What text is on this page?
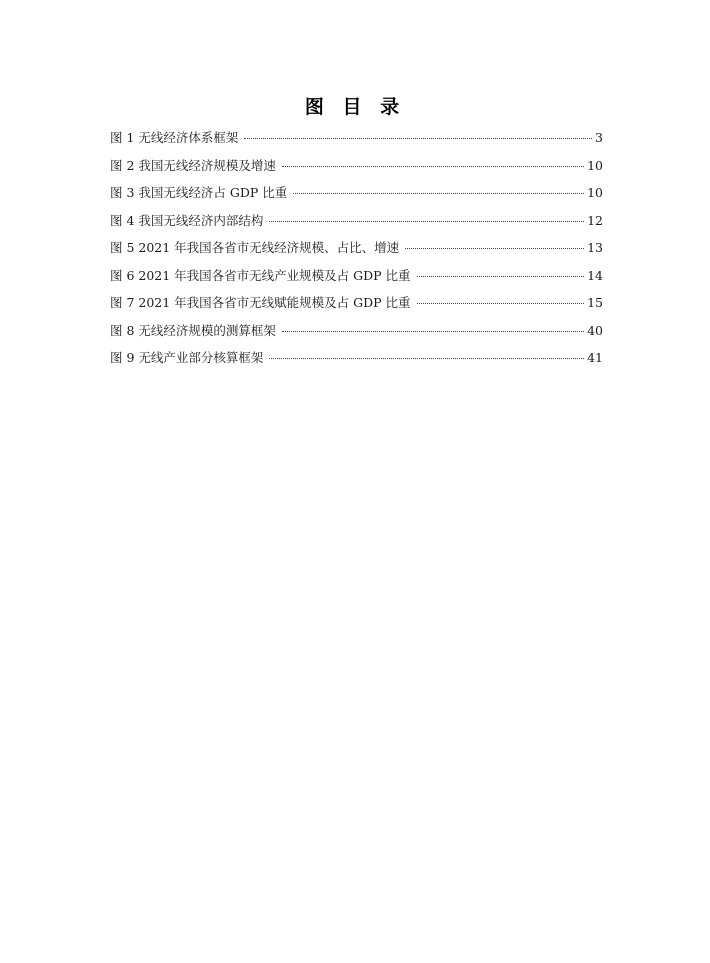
图 目 录
图 1 无线经济体系框架	3
图 2 我国无线经济规模及增速	10
图 3 我国无线经济占 GDP 比重	10
图 4 我国无线经济内部结构	12
图 5 2021 年我国各省市无线经济规模、占比、增速	13
图 6 2021 年我国各省市无线产业规模及占 GDP 比重	14
图 7 2021 年我国各省市无线赋能规模及占 GDP 比重	15
图 8 无线经济规模的测算框架	40
图 9 无线产业部分核算框架	41
